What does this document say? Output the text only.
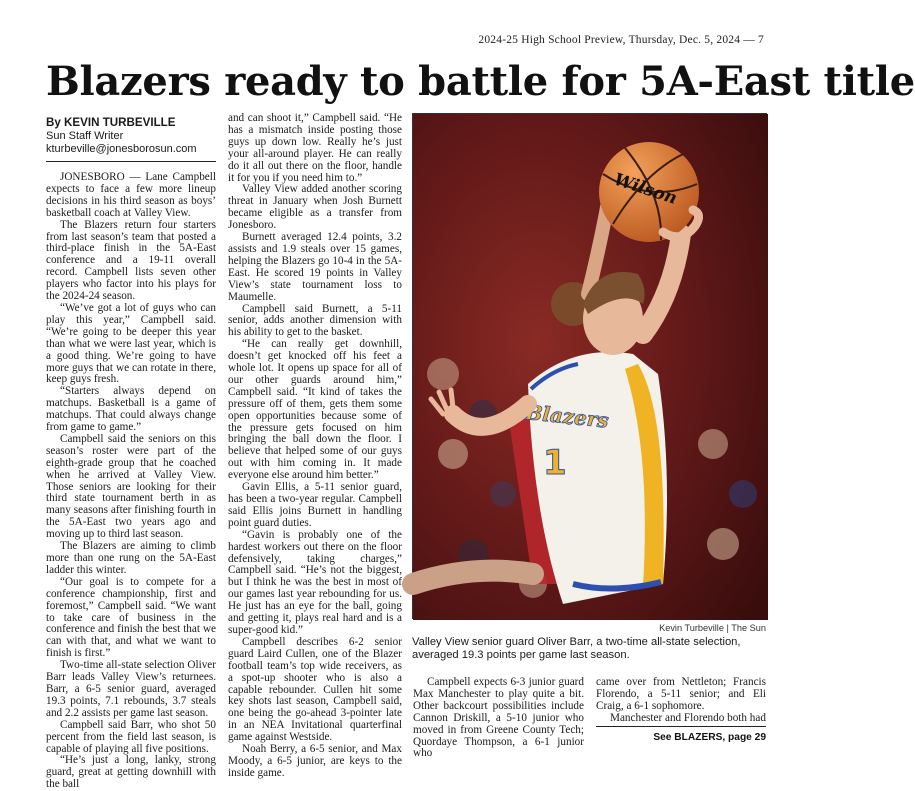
2024-25 High School Preview, Thursday, Dec. 5, 2024 — 7
Blazers ready to battle for 5A-East title
By KEVIN TURBEVILLE
Sun Staff Writer
kturbeville@jonesborosun.com

JONESBORO — Lane Campbell expects to face a few more lineup decisions in his third season as boys’ basketball coach at Valley View.

The Blazers return four starters from last season’s team that posted a third-place finish in the 5A-East conference and a 19-11 overall record. Campbell lists seven other players who factor into his plays for the 2024-24 season.

“We’ve got a lot of guys who can play this year,” Campbell said. “We’re going to be deeper this year than what we were last year, which is a good thing. We’re going to have more guys that we can rotate in there, keep guys fresh.

“Starters always depend on matchups. Basketball is a game of matchups. That could always change from game to game.”

Campbell said the seniors on this season’s roster were part of the eighth-grade group that he coached when he arrived at Valley View. Those seniors are looking for their third state tournament berth in as many seasons after finishing fourth in the 5A-East two years ago and moving up to third last season.

The Blazers are aiming to climb more than one rung on the 5A-East ladder this winter.

“Our goal is to compete for a conference championship, first and foremost,” Campbell said. “We want to take care of business in the conference and finish the best that we can with that, and what we want to finish is first.”

Two-time all-state selection Oliver Barr leads Valley View’s returnees. Barr, a 6-5 senior guard, averaged 19.3 points, 7.1 rebounds, 3.7 steals and 2.2 assists per game last season.

Campbell said Barr, who shot 50 percent from the field last season, is capable of playing all five positions.

“He’s just a long, lanky, strong guard, great at getting downhill with the ball

and can shoot it,” Campbell said. “He has a mismatch inside posting those guys up down low. Really he’s just your all-around player. He can really do it all out there on the floor, handle it for you if you need him to.”

Valley View added another scoring threat in January when Josh Burnett became eligible as a transfer from Jonesboro.

Burnett averaged 12.4 points, 3.2 assists and 1.9 steals over 15 games, helping the Blazers go 10-4 in the 5A-East. He scored 19 points in Valley View’s state tournament loss to Maumelle.

Campbell said Burnett, a 5-11 senior, adds another dimension with his ability to get to the basket.

“He can really get downhill, doesn’t get knocked off his feet a whole lot. It opens up space for all of our other guards around him,” Campbell said. “It kind of takes the pressure off of them, gets them some open opportunities because some of the pressure gets focused on him bringing the ball down the floor. I believe that helped some of our guys out with him coming in. It made everyone else around him better.”

Gavin Ellis, a 5-11 senior guard, has been a two-year regular. Campbell said Ellis joins Burnett in handling point guard duties.

“Gavin is probably one of the hardest workers out there on the floor defensively, taking charges,” Campbell said. “He’s not the biggest, but I think he was the best in most of our games last year rebounding for us. He just has an eye for the ball, going and getting it, plays real hard and is a super-good kid.”

Campbell describes 6-2 senior guard Laird Cullen, one of the Blazer football team’s top wide receivers, as a spot-up shooter who is also a capable rebounder. Cullen hit some key shots last season, Campbell said, one being the go-ahead 3-pointer late in an NEA Invitational quarterfinal game against Westside.

Noah Berry, a 6-5 senior, and Max Moody, a 6-5 junior, are keys to the inside game.

Blazers
1
Wilson
Kevin Turbeville | The Sun
Valley View senior guard Oliver Barr, a two-time all-state selection, averaged 19.3 points per game last season.

Campbell expects 6-3 junior guard Max Manchester to play quite a bit. Other backcourt possibilities include Cannon Driskill, a 5-10 junior who moved in from Greene County Tech; Quordaye Thompson, a 6-1 junior who

came over from Nettleton; Francis Florendo, a 5-11 senior; and Eli Craig, a 6-1 sophomore.

Manchester and Florendo both had

See BLAZERS, page 29
